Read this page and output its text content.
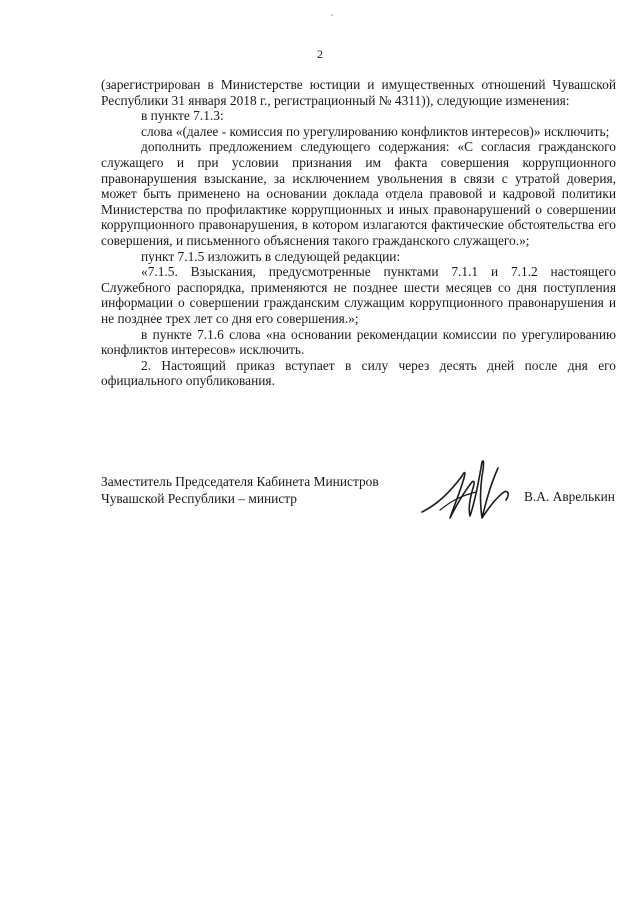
2

(зарегистрирован в Министерстве юстиции и имущественных отношений Чувашской Республики 31 января 2018 г., регистрационный № 4311)), следующие изменения:

в пункте 7.1.3:

слова «(далее - комиссия по урегулированию конфликтов интересов)» исключить;

дополнить предложением следующего содержания: «С согласия гражданского служащего и при условии признания им факта совершения коррупционного правонарушения взыскание, за исключением увольнения в связи с утратой доверия, может быть применено на основании доклада отдела правовой и кадровой политики Министерства по профилактике коррупционных и иных правонарушений о совершении коррупционного правонарушения, в котором излагаются фактические обстоятельства его совершения, и письменного объяснения такого гражданского служащего.»;

пункт 7.1.5 изложить в следующей редакции:

«7.1.5. Взыскания, предусмотренные пунктами 7.1.1 и 7.1.2 настоящего Служебного распорядка, применяются не позднее шести месяцев со дня поступления информации о совершении гражданским служащим коррупционного правонарушения и не позднее трех лет со дня его совершения.»;

в пункте 7.1.6 слова «на основании рекомендации комиссии по урегулированию конфликтов интересов» исключить.

2. Настоящий приказ вступает в силу через десять дней после дня его официального опубликования.

Заместитель Председателя Кабинета Министров
Чувашской Республики – министр	В.А. Аврелькин
